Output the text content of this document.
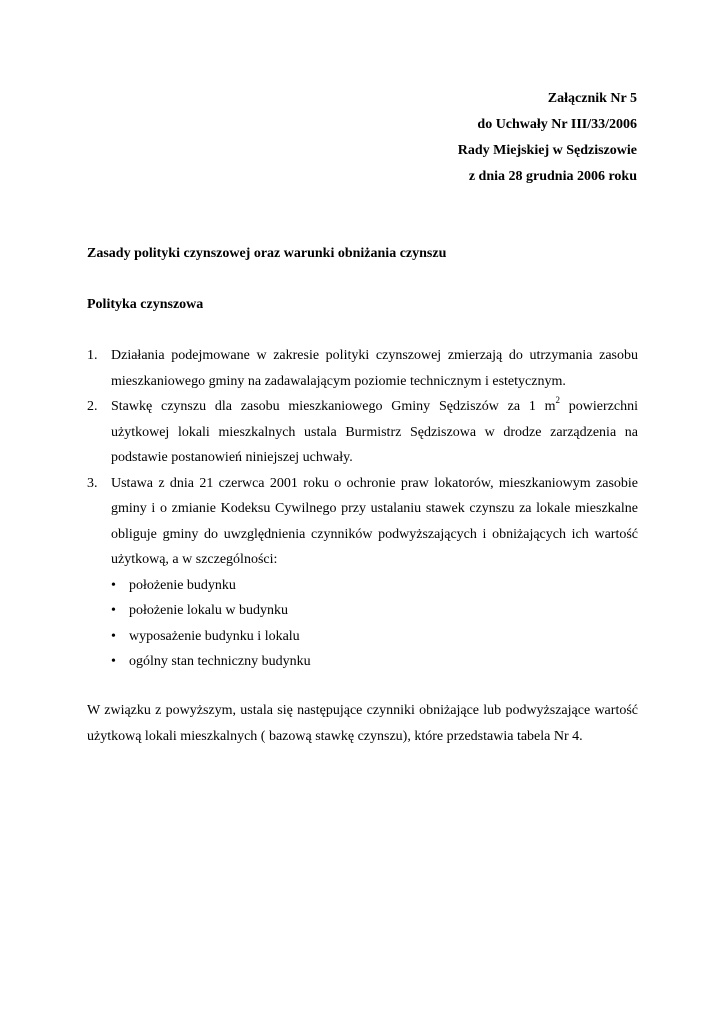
Załącznik Nr 5
do Uchwały Nr III/33/2006
Rady Miejskiej w Sędziszowie
z dnia 28 grudnia 2006 roku
Zasady polityki czynszowej oraz warunki obniżania czynszu
Polityka czynszowa
1. Działania podejmowane w zakresie polityki czynszowej zmierzają do utrzymania zasobu mieszkaniowego gminy na zadawalającym poziomie technicznym i estetycznym.
2. Stawkę czynszu dla zasobu mieszkaniowego Gminy Sędziszów za 1 $m^2$ powierzchni użytkowej lokali mieszkalnych ustala Burmistrz Sędziszowa w drodze zarządzenia na podstawie postanowień niniejszej uchwały.
3. Ustawa z dnia 21 czerwca 2001 roku o ochronie praw lokatorów, mieszkaniowym zasobie gminy i o zmianie Kodeksu Cywilnego przy ustalaniu stawek czynszu za lokale mieszkalne obliguje gminy do uwzględnienia czynników podwyższających i obniżających ich wartość użytkową, a w szczególności:
• położenie budynku
• położenie lokalu w budynku
• wyposażenie budynku i lokalu
• ogólny stan techniczny budynku
W związku z powyższym, ustala się następujące czynniki obniżające lub podwyższające wartość użytkową lokali mieszkalnych ( bazową stawkę czynszu), które przedstawia tabela Nr 4.
